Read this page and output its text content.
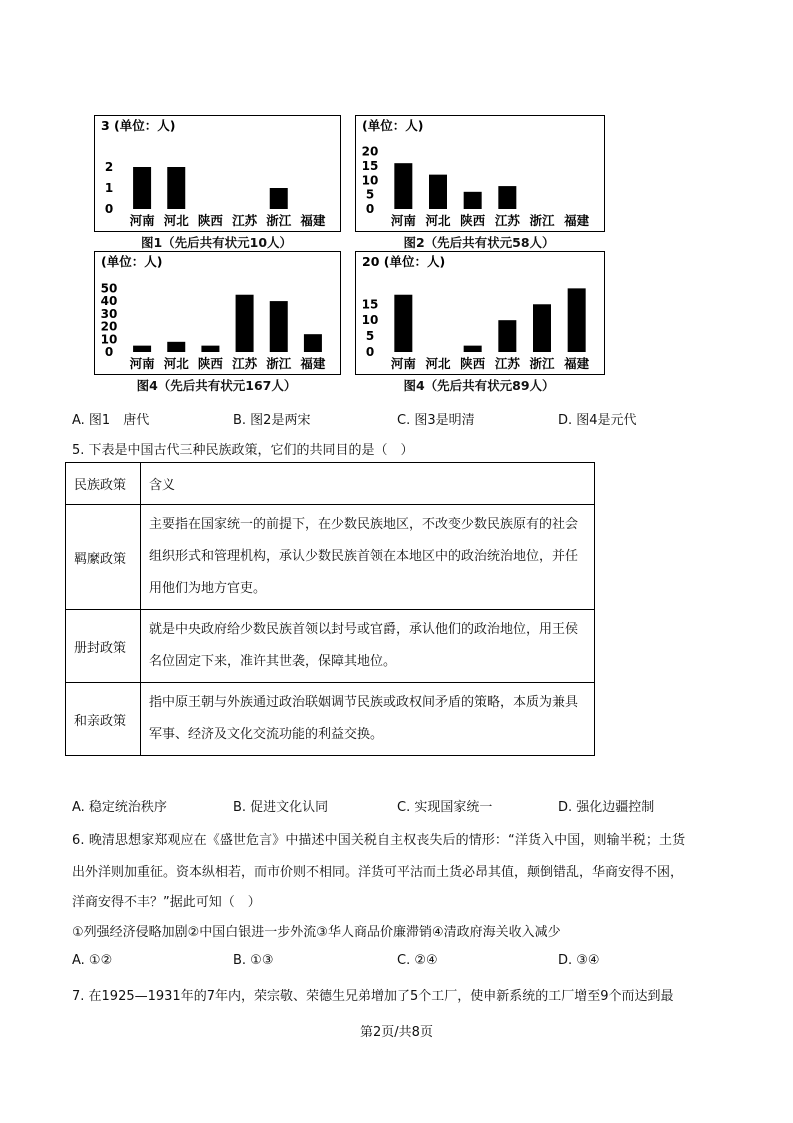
3 (单位：人)
2
1
0
河南 河北 陕西 江苏 浙江 福建
图1（先后共有状元10人）
(单位：人)
20
15
10
5
0
河南 河北 陕西 江苏 浙江 福建
图2（先后共有状元58人）
(单位：人)
50
40
30
20
10
0
河南 河北 陕西 江苏 浙江 福建
图4（先后共有状元167人）
20 (单位：人)
15
10
5
0
河南 河北 陕西 江苏 浙江 福建
图4（先后共有状元89人）
A. 图1　唐代	B. 图2是两宋	C. 图3是明清	D. 图4是元代
5. 下表是中国古代三种民族政策，它们的共同目的是（　）
民族政策	含义
羁縻政策	主要指在国家统一的前提下，在少数民族地区，不改变少数民族原有的社会组织形式和管理机构，承认少数民族首领在本地区中的政治统治地位，并任用他们为地方官吏。
册封政策	就是中央政府给少数民族首领以封号或官爵，承认他们的政治地位，用王侯名位固定下来，准许其世袭，保障其地位。
和亲政策	指中原王朝与外族通过政治联姻调节民族或政权间矛盾的策略，本质为兼具军事、经济及文化交流功能的利益交换。
A. 稳定统治秩序	B. 促进文化认同	C. 实现国家统一	D. 强化边疆控制
6. 晚清思想家郑观应在《盛世危言》中描述中国关税自主权丧失后的情形：“洋货入中国，则输半税；土货
出外洋则加重征。资本纵相若，而市价则不相同。洋货可平沽而土货必昂其值，颠倒错乱，华商安得不困，
洋商安得不丰？”据此可知（　）
①列强经济侵略加剧②中国白银进一步外流③华人商品价廉滞销④清政府海关收入减少
A. ①②	B. ①③	C. ②④	D. ③④
7. 在1925—1931年的7年内，荣宗敬、荣德生兄弟增加了5个工厂，使申新系统的工厂增至9个而达到最
第2页/共8页
